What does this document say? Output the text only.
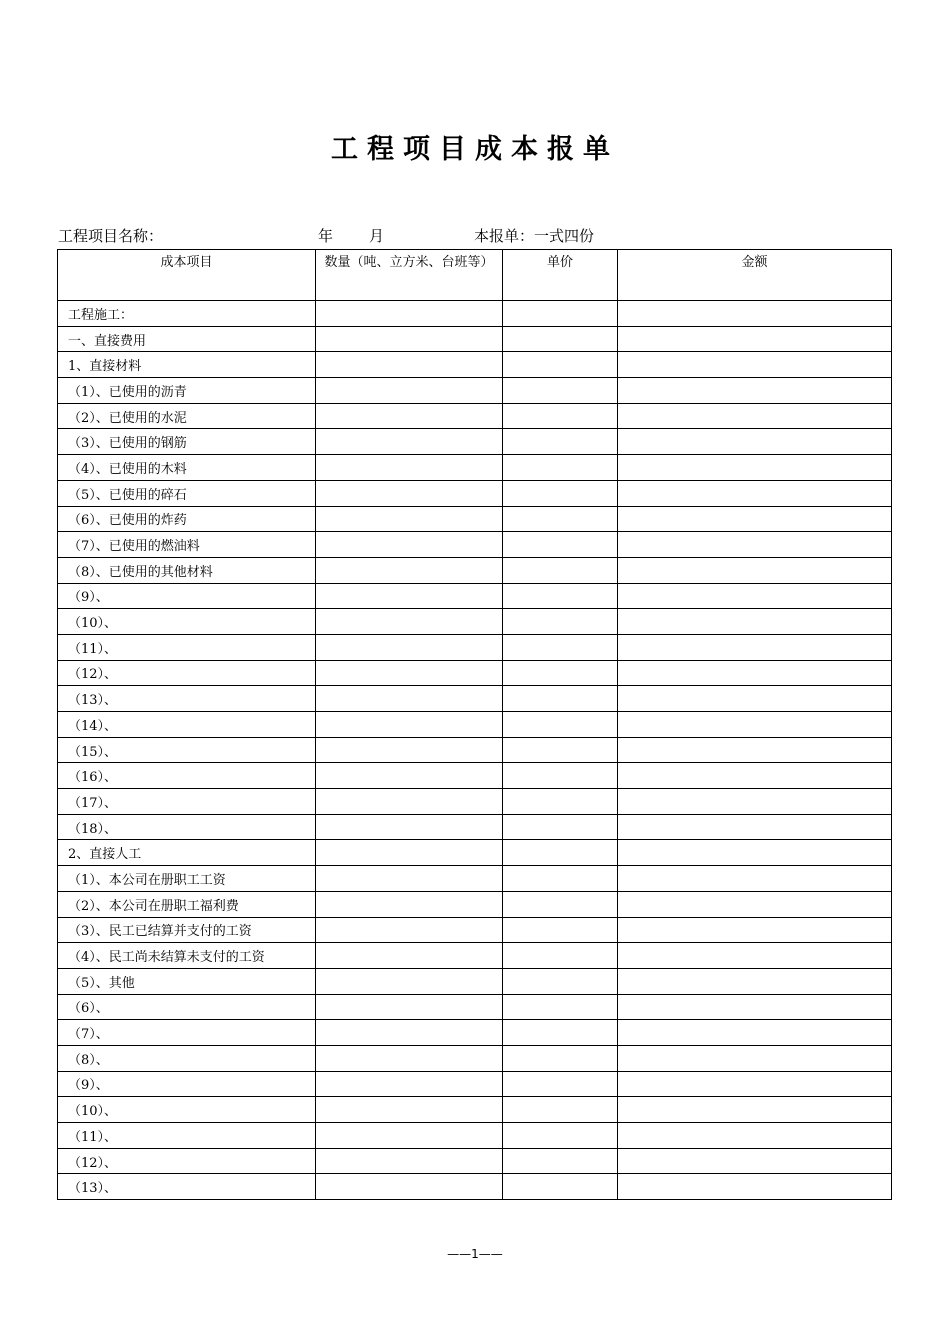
工程项目成本报单
工程项目名称：	年 月	本报单：一式四份
成本项目	数量（吨、立方米、台班等）	单价	金额
工程施工：			
一、直接费用			
1、直接材料			
（1）、已使用的沥青			
（2）、已使用的水泥			
（3）、已使用的钢筋			
（4）、已使用的木料			
（5）、已使用的碎石			
（6）、已使用的炸药			
（7）、已使用的燃油料			
（8）、已使用的其他材料			
（9）、			
（10）、			
（11）、			
（12）、			
（13）、			
（14）、			
（15）、			
（16）、			
（17）、			
（18）、			
2、直接人工			
（1）、本公司在册职工工资			
（2）、本公司在册职工福利费			
（3）、民工已结算并支付的工资			
（4）、民工尚未结算未支付的工资			
（5）、其他			
（6）、			
（7）、			
（8）、			
（9）、			
（10）、			
（11）、			
（12）、			
（13）、			
——1——
